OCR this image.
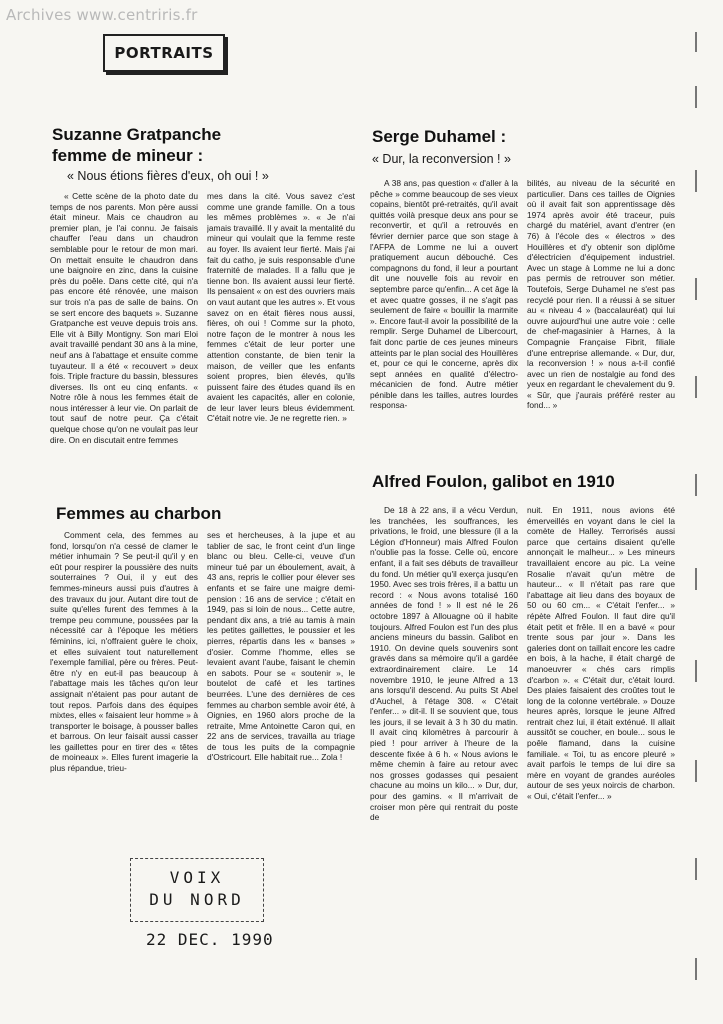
Archives www.centriris.fr
PORTRAITS
Suzanne Gratpanche
femme de mineur :
« Nous étions fières d'eux, oh oui ! »

« Cette scène de la photo date du temps de nos parents. Mon père aussi était mineur. Mais ce chaudron au premier plan, je l'ai connu. Je faisais chauffer l'eau dans un chaudron semblable pour le retour de mon mari. On mettait ensuite le chaudron dans une baignoire en zinc, dans la cuisine près du poêle. Dans cette cité, qui n'a pas encore été rénovée, une maison sur trois n'a pas de salle de bains. On se sert encore des baquets ». Suzanne Gratpanche est veuve depuis trois ans. Elle vit à Billy Montigny. Son mari Eloi avait travaillé pendant 30 ans à la mine, neuf ans à l'abattage et ensuite comme tuyauteur. Il a été « recouvert » deux fois. Triple fracture du bassin, blessures diverses. Ils ont eu cinq enfants. « Notre rôle à nous les femmes était de nous intéresser à leur vie. On parlait de tout sauf de notre peur. Ça c'était quelque chose qu'on ne voulait pas leur dire. On en discutait entre femmes

mes dans la cité. Vous savez c'est comme une grande famille. On a tous les mêmes problèmes ». « Je n'ai jamais travaillé. Il y avait la mentalité du mineur qui voulait que la femme reste au foyer. Ils avaient leur fierté. Mais j'ai fait du catho, je suis responsable d'une fraternité de malades. Il a fallu que je tienne bon. Ils avaient aussi leur fierté. Ils pensaient « on est des ouvriers mais on vaut autant que les autres ». Et vous savez on en était fières nous aussi, fières, oh oui ! Comme sur la photo, notre façon de le montrer à nous les femmes c'était de leur porter une attention constante, de bien tenir la maison, de veiller que les enfants soient propres, bien élevés, qu'ils puissent faire des études quand ils en avaient les capacités, aller en colonie, de leur laver leurs bleus évidemment. C'était notre vie. Je ne regrette rien. »

Serge Duhamel :
« Dur, la reconversion ! »

A 38 ans, pas question « d'aller à la pêche » comme beaucoup de ses vieux copains, bientôt pré-retraités, qu'il avait quittés voilà presque deux ans pour se reconvertir, et qu'il a retrouvés en février dernier parce que son stage à l'AFPA de Lomme ne lui a ouvert pratiquement aucun débouché. Ces compagnons du fond, il leur a pourtant dit une nouvelle fois au revoir en septembre parce qu'enfin... A cet âge là et avec quatre gosses, il ne s'agit pas seulement de faire « bouillir la marmite ». Encore faut-il avoir la possibilité de la remplir. Serge Duhamel de Libercourt, fait donc partie de ces jeunes mineurs atteints par le plan social des Houillères et, pour ce qui le concerne, après dix sept années en qualité d'électro-mécanicien de fond. Autre métier pénible dans les tailles, autres lourdes responsa-

bilités, au niveau de la sécurité en particulier. Dans ces tailles de Oignies où il avait fait son apprentissage dès 1974 après avoir été traceur, puis chargé du matériel, avant d'entrer (en 76) à l'école des « électros » des Houillères et d'y obtenir son diplôme d'électricien d'équipement industriel. Avec un stage à Lomme ne lui a donc pas permis de retrouver son métier. Toutefois, Serge Duhamel ne s'est pas recyclé pour rien. Il a réussi à se situer au « niveau 4 » (baccalauréat) qui lui ouvre aujourd'hui une autre voie : celle de chef-magasinier à Harnes, à la Compagnie Française Fibrit, filiale d'une entreprise allemande. « Dur, dur, la reconversion ! » nous a-t-il confié avec un rien de nostalgie au fond des yeux en regardant le chevalement du 9. « Sûr, que j'aurais préféré rester au fond... »

Femmes au charbon

Comment cela, des femmes au fond, lorsqu'on n'a cessé de clamer le métier inhumain ? Se peut-il qu'il y en eût pour respirer la poussière des nuits souterraines ? Oui, il y eut des femmes-mineurs aussi puis d'autres à des travaux du jour. Autant dire tout de suite qu'elles furent des femmes à la trempe peu commune, poussées par la nécessité car à l'époque les métiers féminins, ici, n'offraient guère le choix, et elles suivaient tout naturellement l'exemple familial, père ou frères. Peut-être n'y en eut-il pas beaucoup à l'abattage mais les tâches qu'on leur assignait n'étaient pas pour autant de tout repos. Parfois dans des équipes mixtes, elles « faisaient leur homme » à transporter le boisage, à pousser balles et barrous. On leur faisait aussi casser les gaillettes pour en tirer des « têtes de moineaux ». Elles furent imagerie la plus répandue, trieu-

ses et hercheuses, à la jupe et au tablier de sac, le front ceint d'un linge blanc ou bleu. Celle-ci, veuve d'un mineur tué par un éboulement, avait, à 43 ans, repris le collier pour élever ses enfants et se faire une maigre demi-pension : 16 ans de service ; c'était en 1949, pas si loin de nous... Cette autre, pendant dix ans, a trié au tamis à main les petites gaillettes, le poussier et les pierres, répartis dans les « banses » d'osier. Comme l'homme, elles se levaient avant l'aube, faisant le chemin en sabots. Pour se « soutenir », le boutelot de café et les tartines beurrées. L'une des dernières de ces femmes au charbon semble avoir été, à Oignies, en 1960 alors proche de la retraite, Mme Antoinette Caron qui, en 22 ans de services, travailla au triage de tous les puits de la compagnie d'Ostricourt. Elle habitait rue... Zola !

Alfred Foulon, galibot en 1910

De 18 à 22 ans, il a vécu Verdun, les tranchées, les souffrances, les privations, le froid, une blessure (il a la Légion d'Honneur) mais Alfred Foulon n'oublie pas la fosse. Celle où, encore enfant, il a fait ses débuts de travailleur du fond. Un métier qu'il exerça jusqu'en 1950. Avec ses trois frères, il a battu un record : « Nous avons totalisé 160 années de fond ! » Il est né le 26 octobre 1897 à Allouagne où il habite toujours. Alfred Foulon est l'un des plus anciens mineurs du bassin. Galibot en 1910. On devine quels souvenirs sont gravés dans sa mémoire qu'il a gardée extraordinairement claire. Le 14 novembre 1910, le jeune Alfred a 13 ans lorsqu'il descend. Au puits St Abel d'Auchel, à l'étage 308. « C'était l'enfer... » dit-il. Il se souvient que, tous les jours, il se levait à 3 h 30 du matin. Il avait cinq kilomètres à parcourir à pied ! pour arriver à l'heure de la descente fixée à 6 h. « Nous avions le même chemin à faire au retour avec nos grosses godasses qui pesaient chacune au moins un kilo... » Dur, dur, pour des gamins. « Il m'arrivait de croiser mon père qui rentrait du poste de

nuit. En 1911, nous avions été émerveillés en voyant dans le ciel la comète de Halley. Terrorisés aussi parce que certains disaient qu'elle annonçait le malheur... » Les mineurs travaillaient encore au pic. La veine Rosalie n'avait qu'un mètre de hauteur... « Il n'était pas rare que l'abattage ait lieu dans des boyaux de 50 ou 60 cm... « C'était l'enfer... » répète Alfred Foulon. Il faut dire qu'il était petit et frêle. Il en a bavé « pour trente sous par jour ». Dans les galeries dont on taillait encore les cadre en bois, à la hache, il était chargé de manoeuvrer « chés cars rimplis d'carbon ». « C'était dur, c'était lourd. Des plaies faisaient des croûtes tout le long de la colonne vertébrale. » Douze heures après, lorsque le jeune Alfred rentrait chez lui, il était exténué. Il allait aussitôt se coucher, en boule... sous le poêle flamand, dans la cuisine familiale. « Toi, tu as encore pleuré » avait parfois le temps de lui dire sa mère en voyant de grandes auréoles autour de ses yeux noircis de charbon. « Oui, c'était l'enfer... »

VOIX
DU NORD
22 DEC. 1990
